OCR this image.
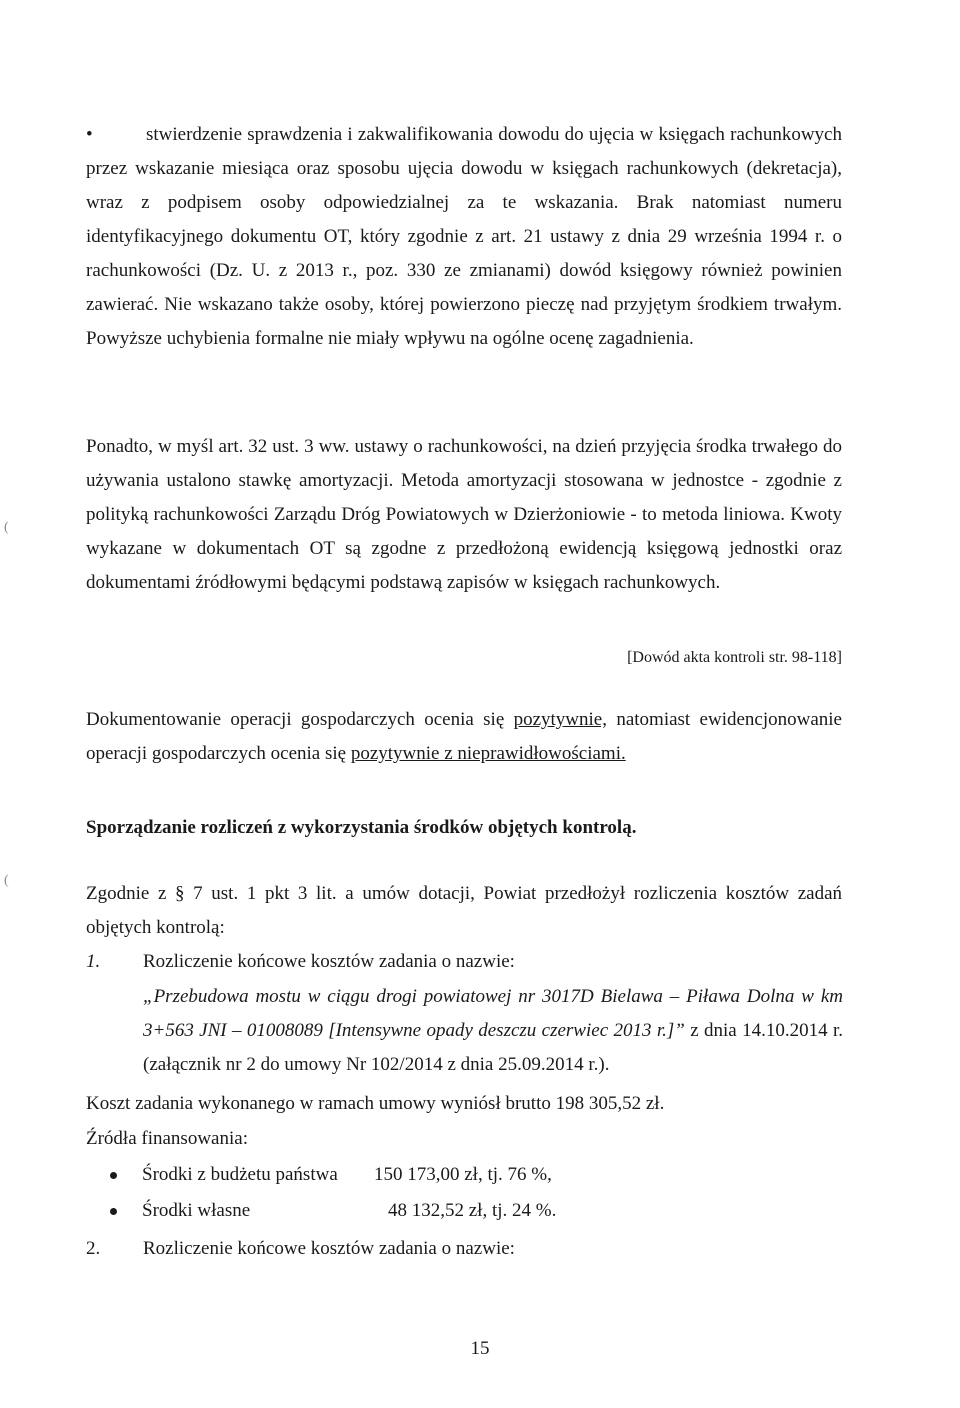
(
(
•	stwierdzenie sprawdzenia i zakwalifikowania dowodu do ujęcia w księgach rachunkowych przez wskazanie miesiąca oraz sposobu ujęcia dowodu w księgach rachunkowych (dekretacja), wraz z podpisem osoby odpowiedzialnej za te wskazania. Brak natomiast numeru identyfikacyjnego dokumentu OT, który zgodnie z art. 21 ustawy z dnia 29 września 1994 r. o rachunkowości (Dz. U. z 2013 r., poz. 330 ze zmianami) dowód księgowy również powinien zawierać. Nie wskazano także osoby, której powierzono pieczę nad przyjętym środkiem trwałym. Powyższe uchybienia formalne nie miały wpływu na ogólne ocenę zagadnienia.

Ponadto, w myśl art. 32 ust. 3 ww. ustawy o rachunkowości, na dzień przyjęcia środka trwałego do używania ustalono stawkę amortyzacji. Metoda amortyzacji stosowana w jednostce - zgodnie z polityką rachunkowości Zarządu Dróg Powiatowych w Dzierżoniowie - to metoda liniowa. Kwoty wykazane w dokumentach OT są zgodne z przedłożoną ewidencją księgową jednostki oraz dokumentami źródłowymi będącymi podstawą zapisów w księgach rachunkowych.

[Dowód akta kontroli str. 98-118]

Dokumentowanie operacji gospodarczych ocenia się pozytywnie, natomiast ewidencjonowanie operacji gospodarczych ocenia się pozytywnie z nieprawidłowościami.

Sporządzanie rozliczeń z wykorzystania środków objętych kontrolą.

Zgodnie z § 7 ust. 1 pkt 3 lit. a umów dotacji, Powiat przedłożył rozliczenia kosztów zadań objętych kontrolą:

1. Rozliczenie końcowe kosztów zadania o nazwie:
„Przebudowa mostu w ciągu drogi powiatowej nr 3017D Bielawa – Piława Dolna w km 3+563 JNI – 01008089 [Intensywne opady deszczu czerwiec 2013 r.]” z dnia 14.10.2014 r. (załącznik nr 2 do umowy Nr 102/2014 z dnia 25.09.2014 r.).
Koszt zadania wykonanego w ramach umowy wyniósł brutto 198 305,52 zł.
Źródła finansowania:
Środki z budżetu państwa 150 173,00 zł, tj. 76 %,
Środki własne	48 132,52 zł, tj. 24 %.
2. Rozliczenie końcowe kosztów zadania o nazwie:
15
